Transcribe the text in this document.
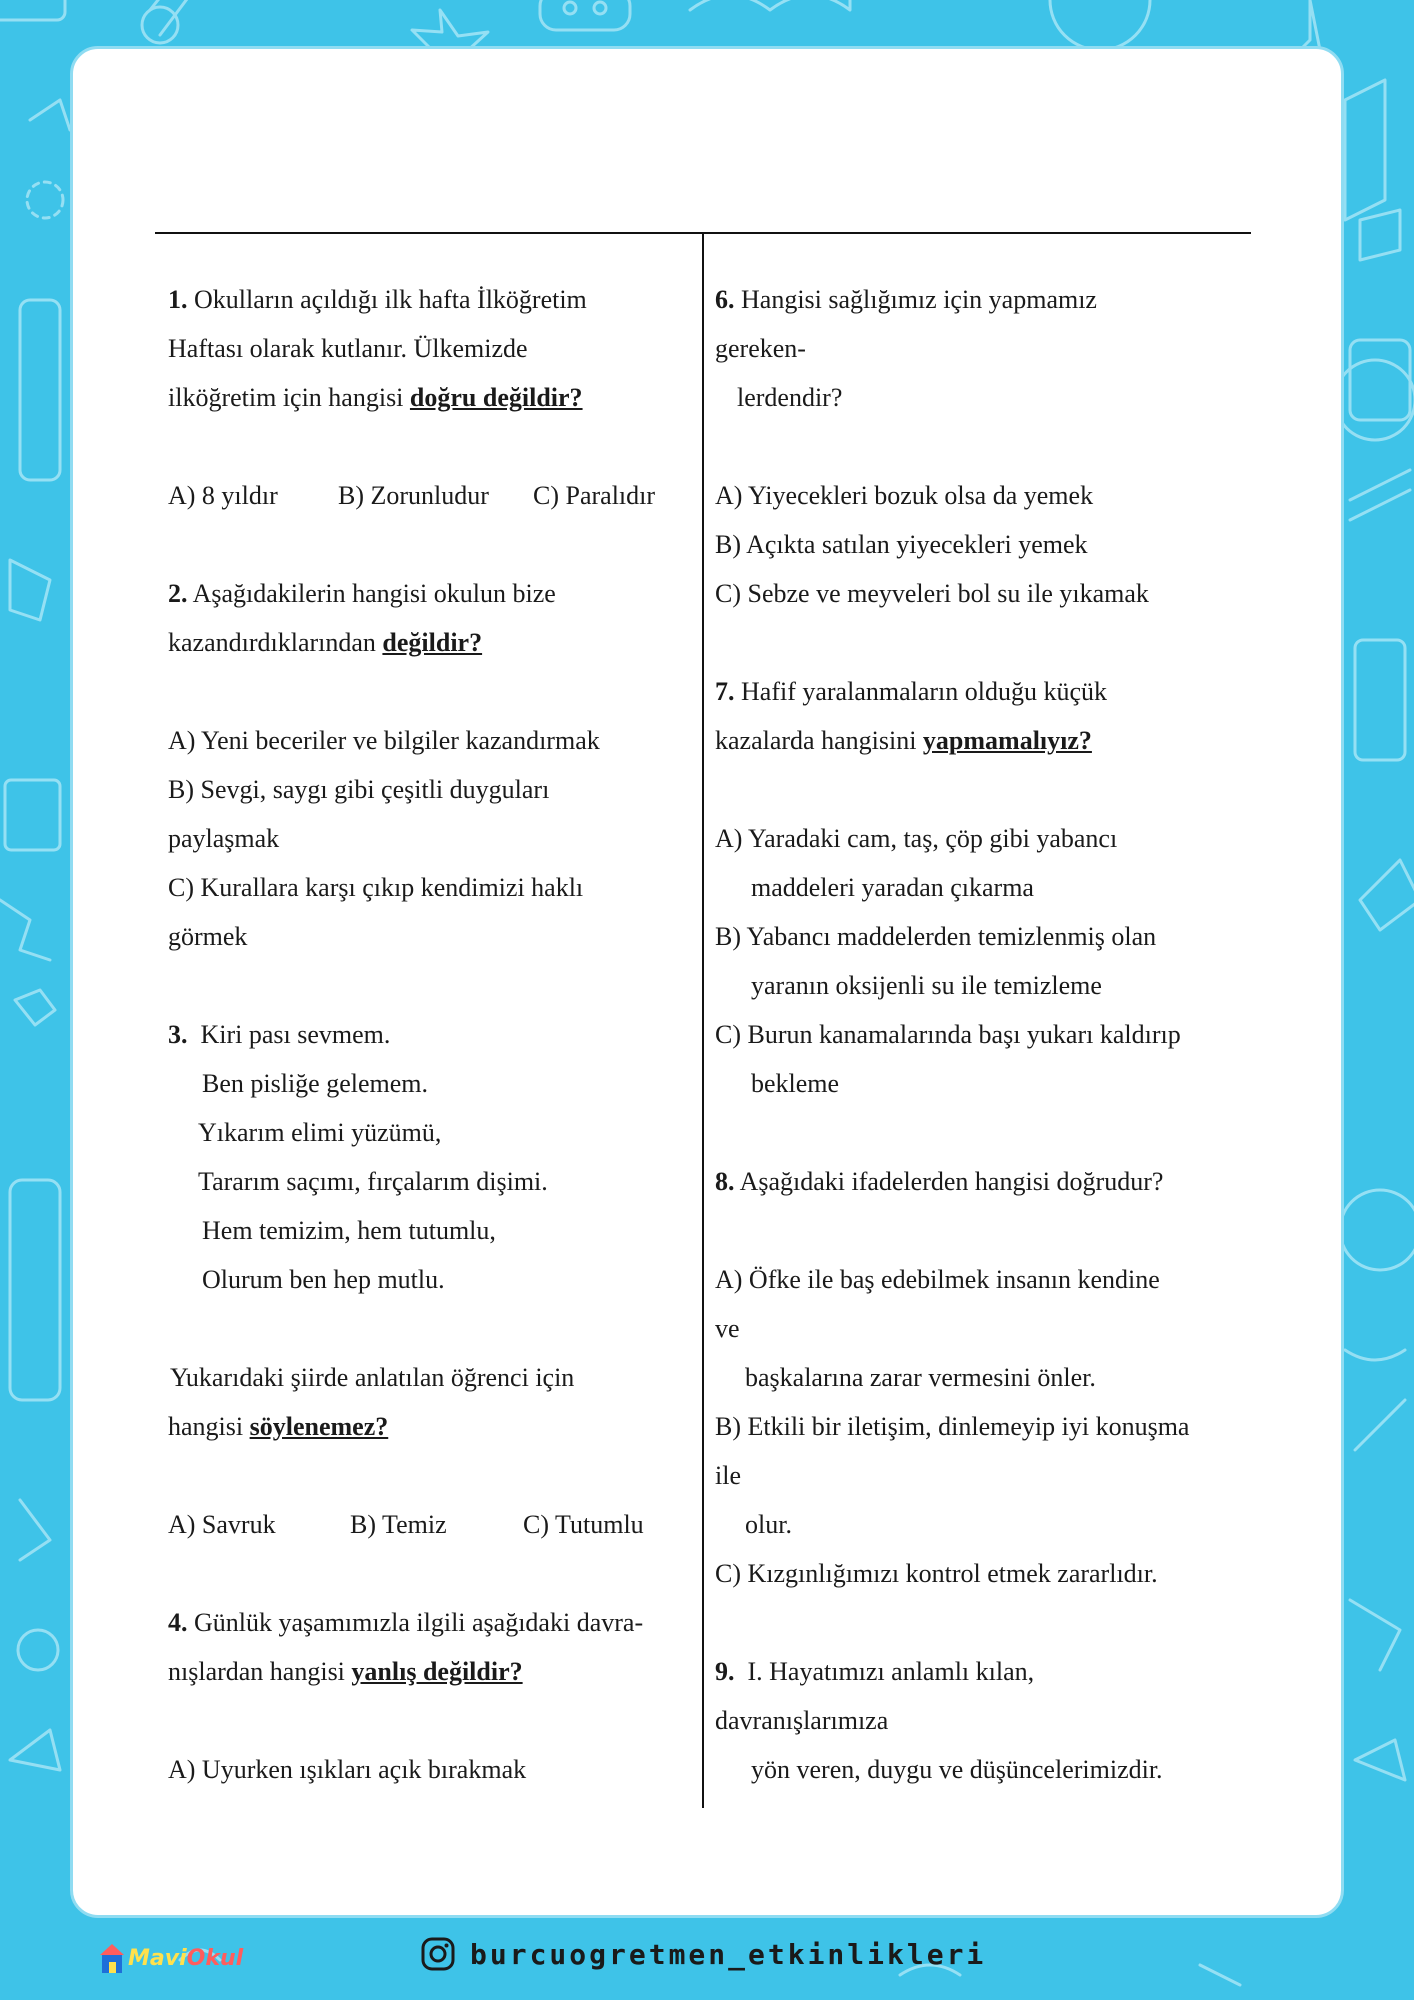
1. Okulların açıldığı ilk hafta İlköğretim
Haftası olarak kutlanır. Ülkemizde
ilköğretim için hangisi doğru değildir?
A) 8 yıldır B) Zorunludur C) Paralıdır
2. Aşağıdakilerin hangisi okulun bize
kazandırdıklarından değildir?
A) Yeni beceriler ve bilgiler kazandırmak
B) Sevgi, saygı gibi çeşitli duyguları
paylaşmak
C) Kurallara karşı çıkıp kendimizi haklı
görmek
3. Kiri pası sevmem.
Ben pisliğe gelemem.
Yıkarım elimi yüzümü,
Tararım saçımı, fırçalarım dişimi.
Hem temizim, hem tutumlu,
Olurum ben hep mutlu.
Yukarıdaki şiirde anlatılan öğrenci için
hangisi söylenemez?
A) Savruk	B) Temiz	C) Tutumlu
4. Günlük yaşamımızla ilgili aşağıdaki davra-
nışlardan hangisi yanlış değildir?
A) Uyurken ışıkları açık bırakmak
6. Hangisi sağlığımız için yapmamız
gereken-
lerdendir?
A) Yiyecekleri bozuk olsa da yemek
B) Açıkta satılan yiyecekleri yemek
C) Sebze ve meyveleri bol su ile yıkamak
7. Hafif yaralanmaların olduğu küçük
kazalarda hangisini yapmamalıyız?
A) Yaradaki cam, taş, çöp gibi yabancı
maddeleri yaradan çıkarma
B) Yabancı maddelerden temizlenmiş olan
yaranın oksijenli su ile temizleme
C) Burun kanamalarında başı yukarı kaldırıp
bekleme
8. Aşağıdaki ifadelerden hangisi doğrudur?
A) Öfke ile baş edebilmek insanın kendine
ve
başkalarına zarar vermesini önler.
B) Etkili bir iletişim, dinlemeyip iyi konuşma
ile
olur.
C) Kızgınlığımızı kontrol etmek zararlıdır.
9. I. Hayatımızı anlamlı kılan,
davranışlarımıza
yön veren, duygu ve düşüncelerimizdir.
MaviOkul	burcuogretmen_etkinlikleri
